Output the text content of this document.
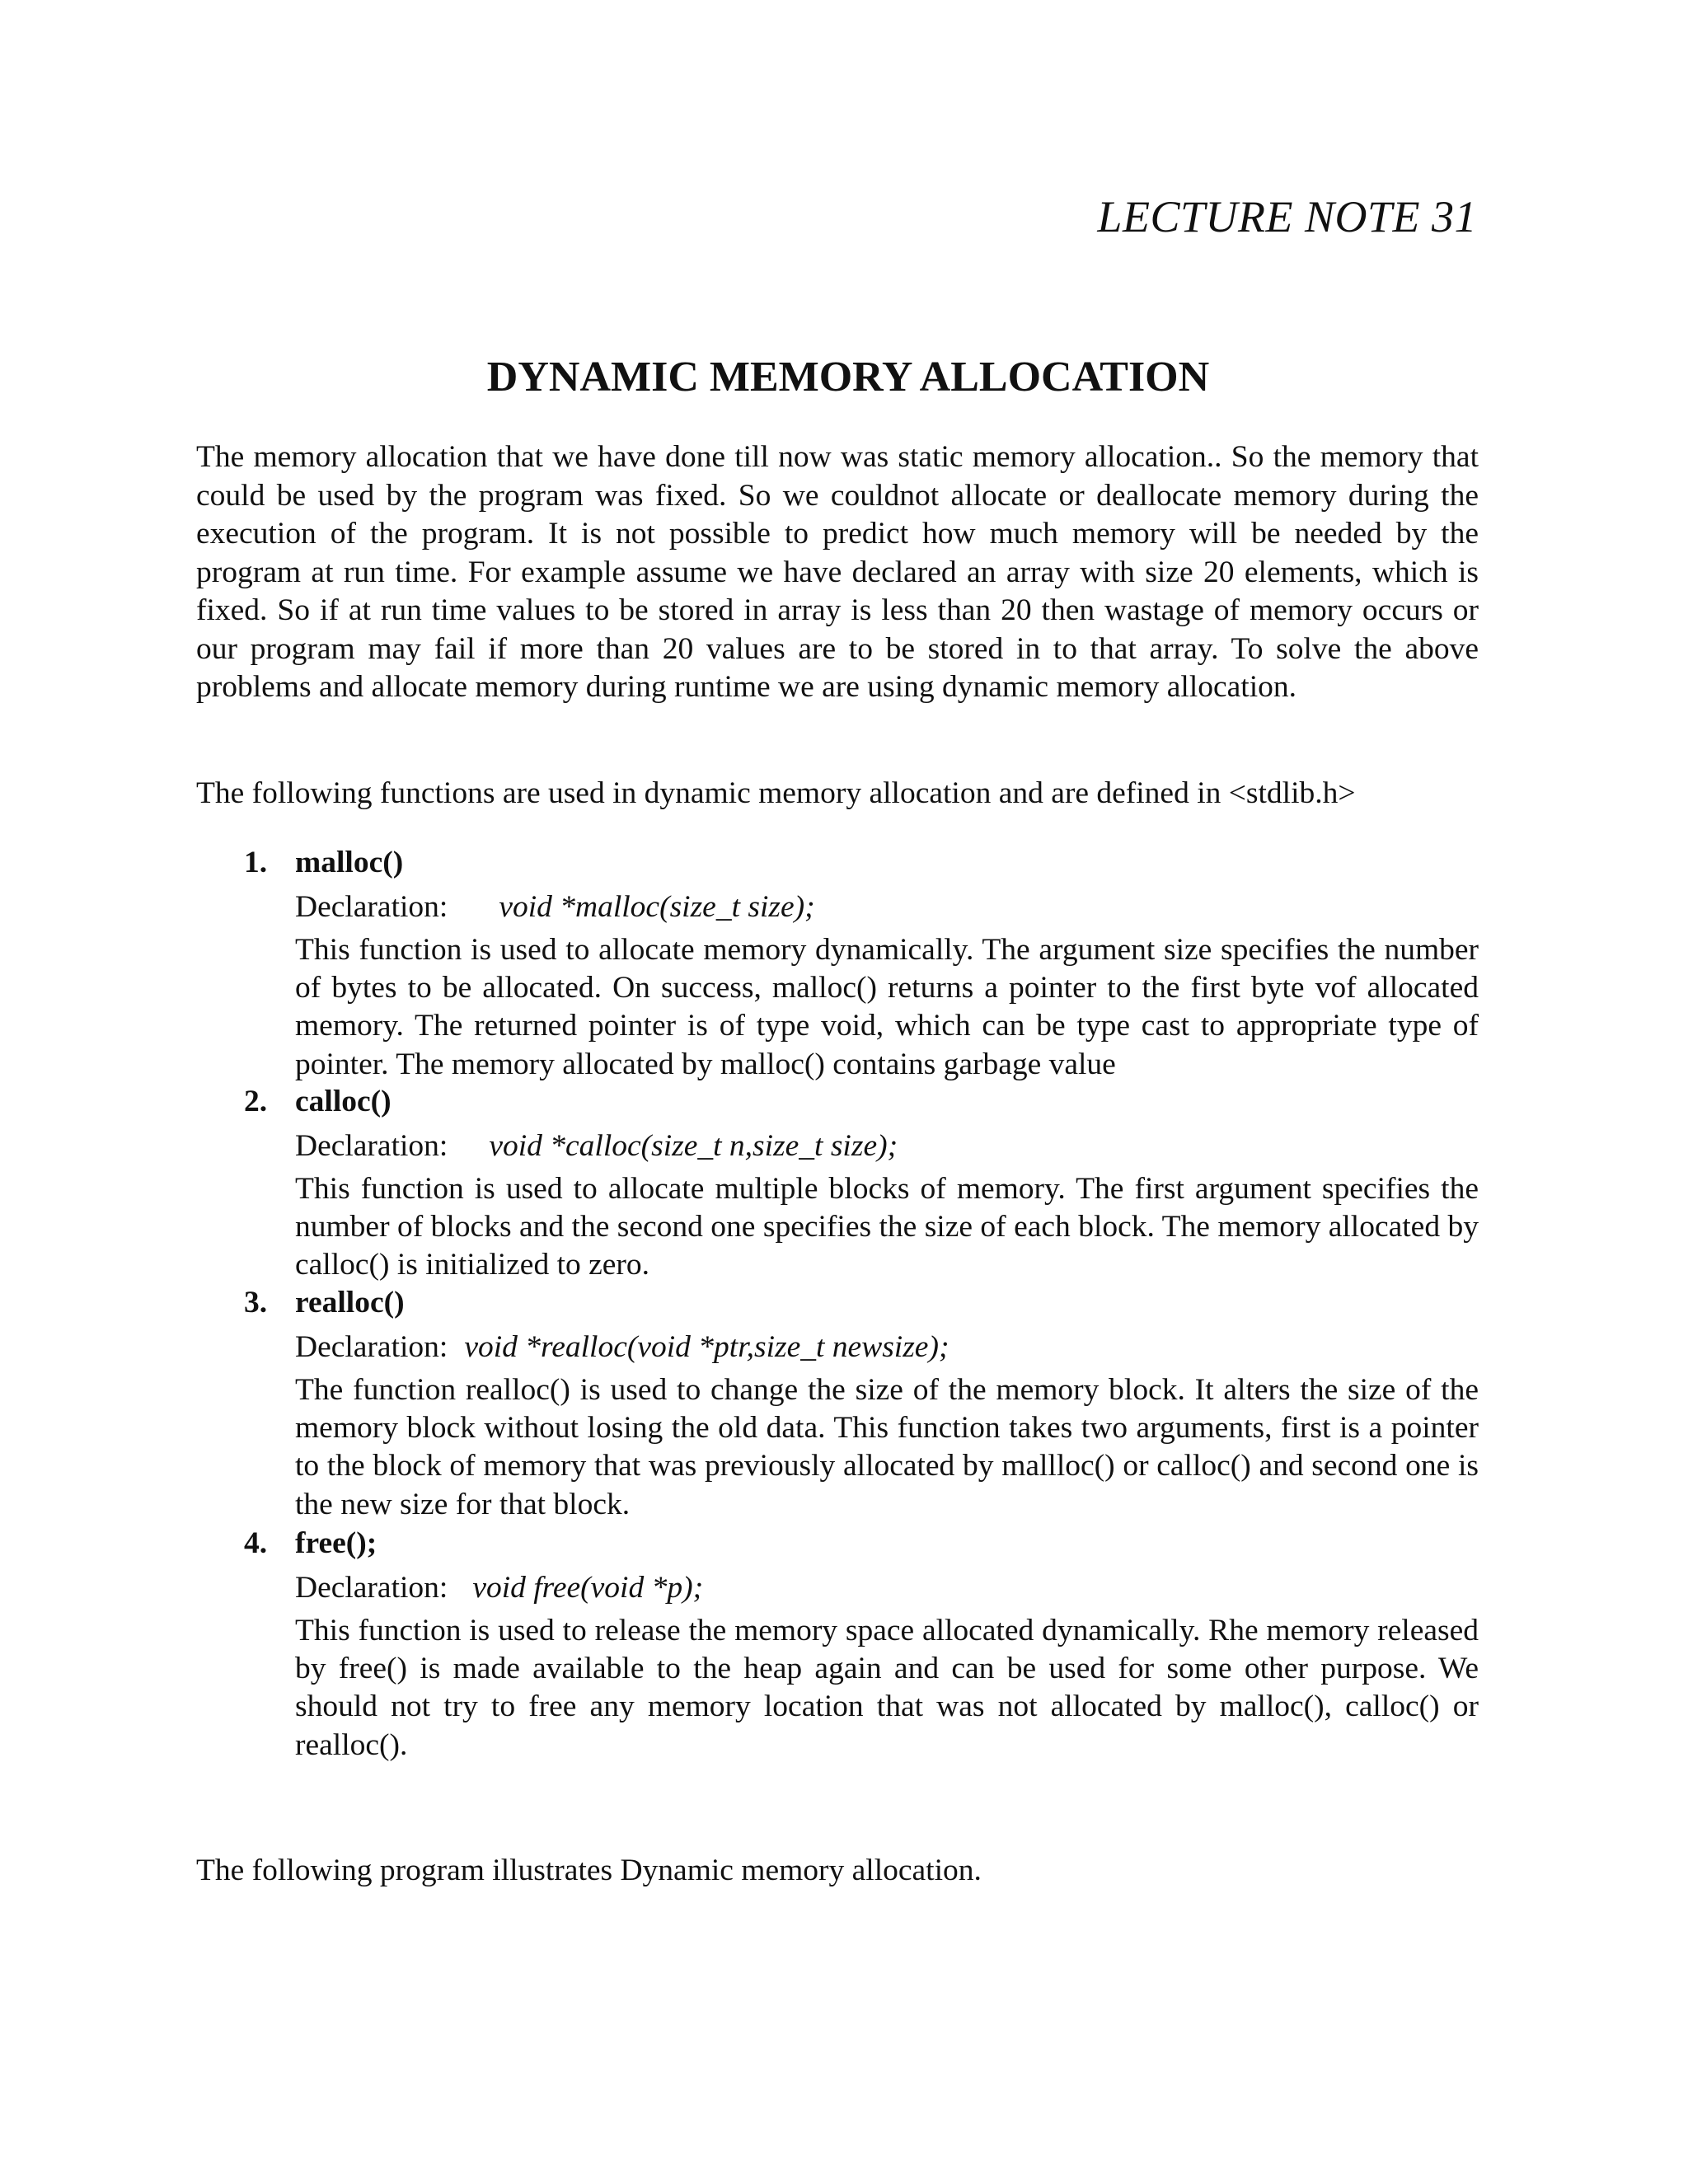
LECTURE NOTE 31
DYNAMIC MEMORY ALLOCATION

The memory allocation that we have done till now was static memory allocation.. So the memory that could be used by the program was fixed. So we couldnot allocate or deallocate memory during the execution of the program. It is not possible to predict how much memory will be needed by the program at run time. For example assume we have declared an array with size 20 elements, which is fixed. So if at run time values to be stored in array is less than 20 then wastage of memory occurs or our program may fail if more than 20 values are to be stored in to that array. To solve the above problems and allocate memory during runtime we are using dynamic memory allocation.

The following functions are used in dynamic memory allocation and are defined in <stdlib.h>

1. malloc()
Declaration: void *malloc(size_t size);

This function is used to allocate memory dynamically. The argument size specifies the number of bytes to be allocated. On success, malloc() returns a pointer to the first byte vof allocated memory. The returned pointer is of type void, which can be type cast to appropriate type of pointer. The memory allocated by malloc() contains garbage value

2. calloc()
Declaration: void *calloc(size_t n,size_t size);

This function is used to allocate multiple blocks of memory. The first argument specifies the number of blocks and the second one specifies the size of each block. The memory allocated by calloc() is initialized to zero.

3. realloc()
Declaration: void *realloc(void *ptr,size_t newsize);

The function realloc() is used to change the size of the memory block. It alters the size of the memory block without losing the old data. This function takes two arguments, first is a pointer to the block of memory that was previously allocated by mallloc() or calloc() and second one is the new size for that block.

4. free();
Declaration: void free(void *p);

This function is used to release the memory space allocated dynamically. Rhe memory released by free() is made available to the heap again and can be used for some other purpose. We should not try to free any memory location that was not allocated by malloc(), calloc() or realloc().

The following program illustrates Dynamic memory allocation.
